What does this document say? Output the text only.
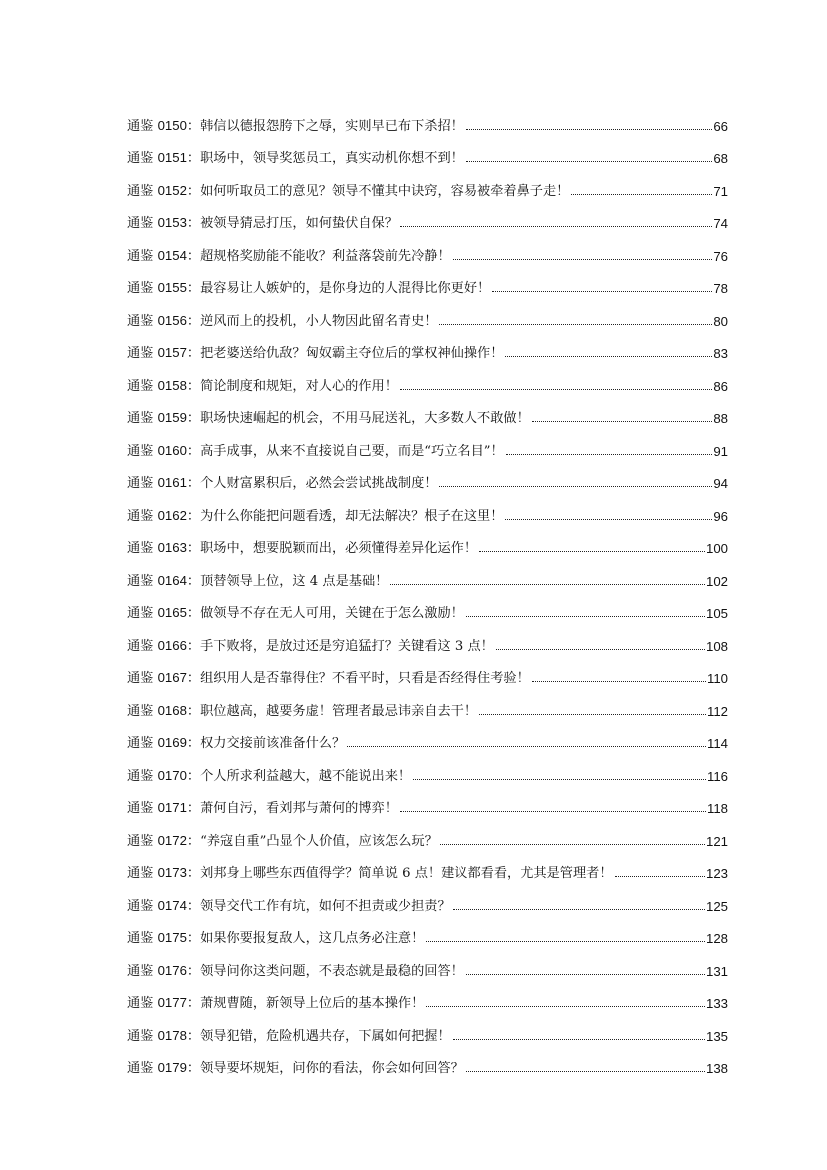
通鉴 0150：韩信以德报怨胯下之辱，实则早已布下杀招！	66
通鉴 0151：职场中，领导奖惩员工，真实动机你想不到！	68
通鉴 0152：如何听取员工的意见？领导不懂其中诀窍，容易被牵着鼻子走！	71
通鉴 0153：被领导猜忌打压，如何蛰伏自保？	74
通鉴 0154：超规格奖励能不能收？利益落袋前先冷静！	76
通鉴 0155：最容易让人嫉妒的，是你身边的人混得比你更好！	78
通鉴 0156：逆风而上的投机，小人物因此留名青史！	80
通鉴 0157：把老婆送给仇敌？匈奴霸主夺位后的掌权神仙操作！	83
通鉴 0158：简论制度和规矩，对人心的作用！	86
通鉴 0159：职场快速崛起的机会，不用马屁送礼，大多数人不敢做！	88
通鉴 0160：高手成事，从来不直接说自己要，而是“巧立名目”！	91
通鉴 0161：个人财富累积后，必然会尝试挑战制度！	94
通鉴 0162：为什么你能把问题看透，却无法解决？根子在这里！	96
通鉴 0163：职场中，想要脱颖而出，必须懂得差异化运作！	100
通鉴 0164：顶替领导上位，这 4 点是基础！	102
通鉴 0165：做领导不存在无人可用，关键在于怎么激励！	105
通鉴 0166：手下败将，是放过还是穷追猛打？关键看这 3 点！	108
通鉴 0167：组织用人是否靠得住？不看平时，只看是否经得住考验！	110
通鉴 0168：职位越高，越要务虚！管理者最忌讳亲自去干！	112
通鉴 0169：权力交接前该准备什么？	114
通鉴 0170：个人所求利益越大，越不能说出来！	116
通鉴 0171：萧何自污，看刘邦与萧何的博弈！	118
通鉴 0172：“养寇自重”凸显个人价值，应该怎么玩？	121
通鉴 0173：刘邦身上哪些东西值得学？简单说 6 点！建议都看看，尤其是管理者！	123
通鉴 0174：领导交代工作有坑，如何不担责或少担责？	125
通鉴 0175：如果你要报复敌人，这几点务必注意！	128
通鉴 0176：领导问你这类问题，不表态就是最稳的回答！	131
通鉴 0177：萧规曹随，新领导上位后的基本操作！	133
通鉴 0178：领导犯错，危险机遇共存，下属如何把握！	135
通鉴 0179：领导要坏规矩，问你的看法，你会如何回答？	138
